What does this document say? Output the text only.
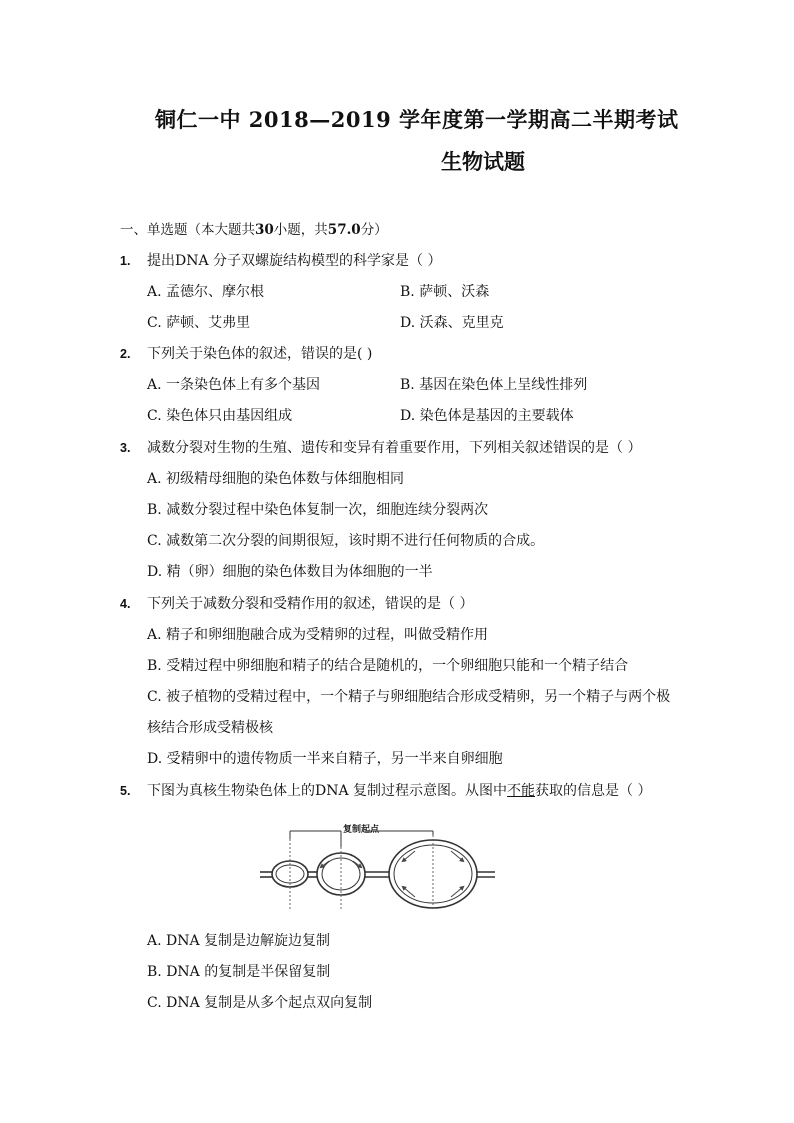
铜仁一中 2018—2019 学年度第一学期高二半期考试
生物试题
一、单选题（本大题共30小题，共57.0分）
1. 提出DNA 分子双螺旋结构模型的科学家是（ ）
A. 孟德尔、摩尔根	B. 萨顿、沃森
C. 萨顿、艾弗里	D. 沃森、克里克
2. 下列关于染色体的叙述，错误的是( )
A. 一条染色体上有多个基因	B. 基因在染色体上呈线性排列
C. 染色体只由基因组成	D. 染色体是基因的主要载体
3. 减数分裂对生物的生殖、遗传和变异有着重要作用，下列相关叙述错误的是（ ）
A. 初级精母细胞的染色体数与体细胞相同
B. 减数分裂过程中染色体复制一次，细胞连续分裂两次
C. 减数第二次分裂的间期很短，该时期不进行任何物质的合成。
D. 精（卵）细胞的染色体数目为体细胞的一半
4. 下列关于减数分裂和受精作用的叙述，错误的是（ ）
A. 精子和卵细胞融合成为受精卵的过程，叫做受精作用
B. 受精过程中卵细胞和精子的结合是随机的，一个卵细胞只能和一个精子结合
C. 被子植物的受精过程中，一个精子与卵细胞结合形成受精卵，另一个精子与两个极
核结合形成受精极核
D. 受精卵中的遗传物质一半来自精子，另一半来自卵细胞
5. 下图为真核生物染色体上的DNA 复制过程示意图。从图中不能获取的信息是（ ）
复制起点
A. DNA 复制是边解旋边复制
B. DNA 的复制是半保留复制
C. DNA 复制是从多个起点双向复制
